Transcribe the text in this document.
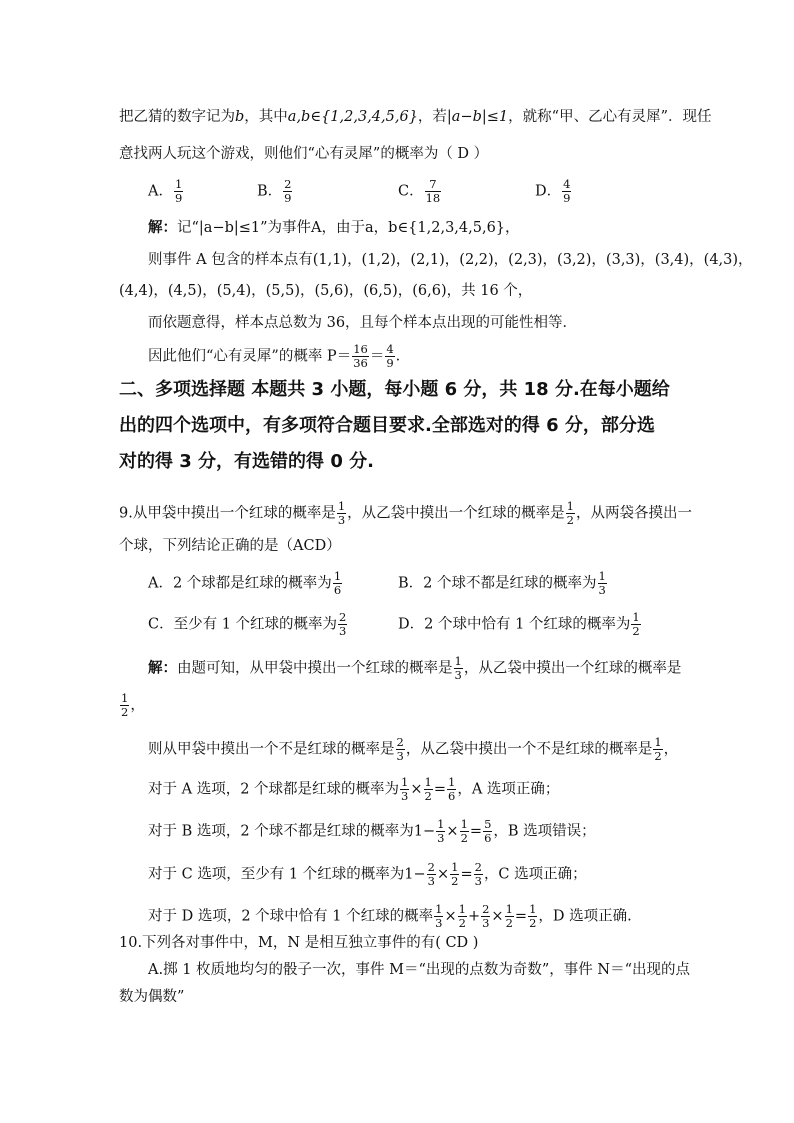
把乙猜的数字记为b，其中a,b∈{1,2,3,4,5,6}，若|a−b|≤1，就称“甲、乙心有灵犀”．现任
意找两人玩这个游戏，则他们“心有灵犀”的概率为（ D ）
A． $\frac{1}{9}$	B． $\frac{2}{9}$	C． $\frac{7}{18}$	D． $\frac{4}{9}$
解：记“|a−b|≤1”为事件A，由于a，b∈{1,2,3,4,5,6}，
则事件 A 包含的样本点有(1,1)，(1,2)，(2,1)，(2,2)，(2,3)，(3,2)，(3,3)，(3,4)，(4,3)，
(4,4)，(4,5)，(5,4)，(5,5)，(5,6)，(6,5)，(6,6)，共 16 个，
而依题意得，样本点总数为 36，且每个样本点出现的可能性相等．
因此他们“心有灵犀”的概率 $P= \frac{16}{36} = \frac{4}{9}$ .
二、多项选择题 本题共 3 小题，每小题 6 分，共 18 分.在每小题给
出的四个选项中，有多项符合题目要求.全部选对的得 6 分，部分选
对的得 3 分，有选错的得 0 分.
9.从甲袋中摸出一个红球的概率是 $\frac{1}{3}$ ，从乙袋中摸出一个红球的概率是 $\frac{1}{2}$ ，从两袋各摸出一
个球，下列结论正确的是（ACD）
A．2 个球都是红球的概率为 $\frac{1}{6}$	B．2 个球不都是红球的概率为 $\frac{1}{3}$
C．至少有 1 个红球的概率为 $\frac{2}{3}$	D．2 个球中恰有 1 个红球的概率为 $\frac{1}{2}$
解：由题可知，从甲袋中摸出一个红球的概率是 $\frac{1}{3}$ ，从乙袋中摸出一个红球的概率是
$\frac{1}{2}$ ，
则从甲袋中摸出一个不是红球的概率是 $\frac{2}{3}$ ，从乙袋中摸出一个不是红球的概率是 $\frac{1}{2}$ ，
对于 A 选项，2 个球都是红球的概率为 $\frac{1}{3} \times \frac{1}{2} = \frac{1}{6}$ ，A 选项正确；
对于 B 选项，2 个球不都是红球的概率为$1- \frac{1}{3} \times \frac{1}{2} = \frac{5}{6}$ ，B 选项错误；
对于 C 选项，至少有 1 个红球的概率为$1- \frac{2}{3} \times \frac{1}{2} = \frac{2}{3}$ ，C 选项正确；
对于 D 选项，2 个球中恰有 1 个红球的概率 $\frac{1}{3} \times \frac{1}{2} + \frac{2}{3} \times \frac{1}{2} = \frac{1}{2}$ ，D 选项正确.
10.下列各对事件中，M，N 是相互独立事件的有( CD )
A.掷 1 枚质地均匀的骰子一次，事件 M＝“出现的点数为奇数”，事件 N＝“出现的点
数为偶数”
